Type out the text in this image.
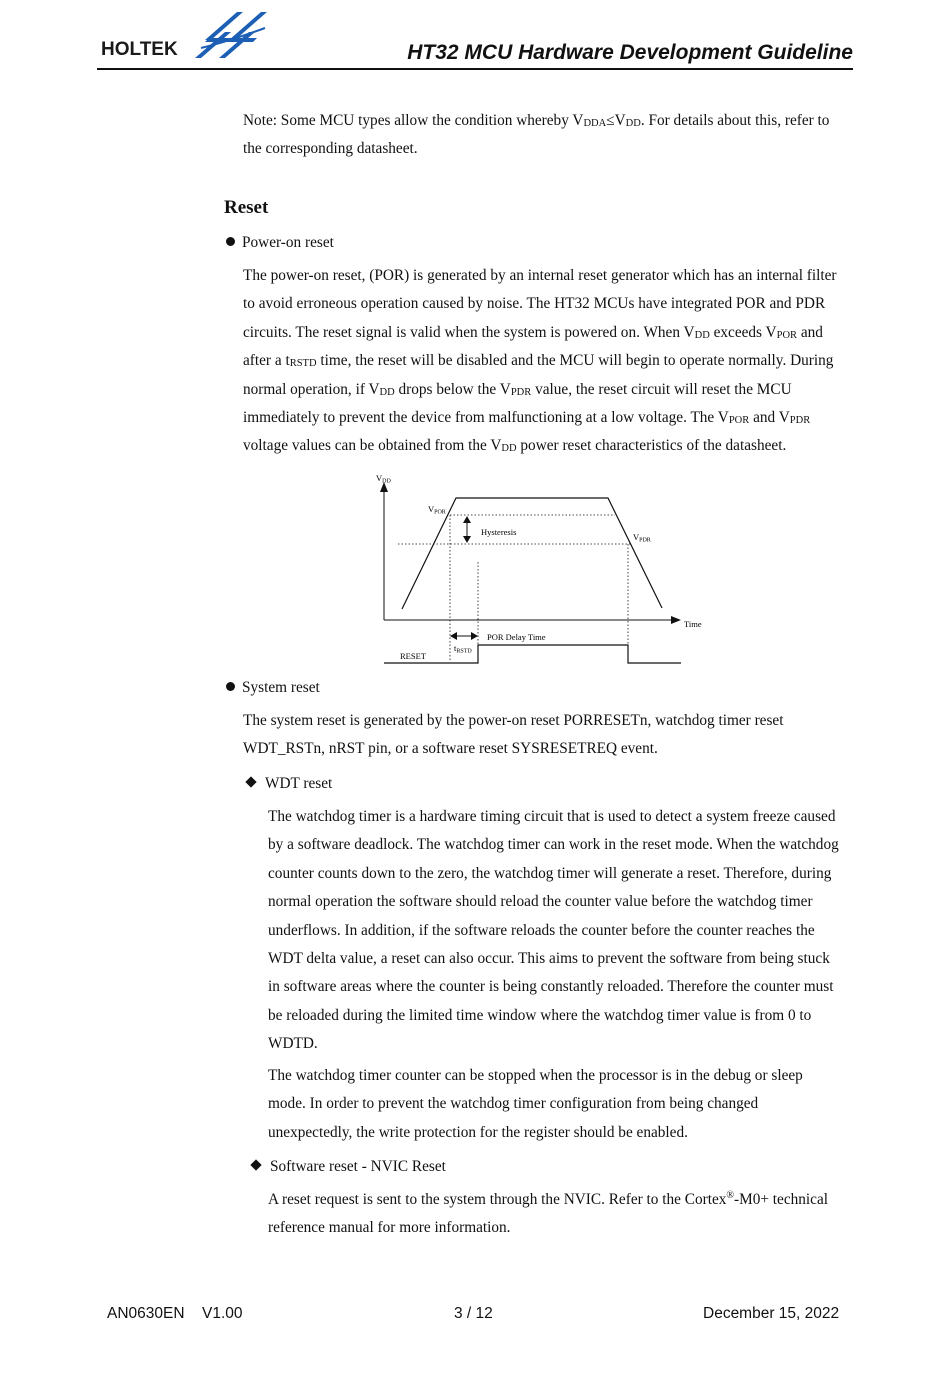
HOLTEK	HT32 MCU Hardware Development Guideline
Note: Some MCU types allow the condition whereby $V_{DDA}\le V_{DD}$. For details about this, refer to
the corresponding datasheet.
Reset
Power-on reset
The power-on reset, (POR) is generated by an internal reset generator which has an internal filter
to avoid erroneous operation caused by noise. The HT32 MCUs have integrated POR and PDR
circuits. The reset signal is valid when the system is powered on. When $V_{DD}$ exceeds $V_{POR}$ and
after a $t_{RSTD}$ time, the reset will be disabled and the MCU will begin to operate normally. During
normal operation, if $V_{DD}$ drops below the $V_{PDR}$ value, the reset circuit will reset the MCU
immediately to prevent the device from malfunctioning at a low voltage. The $V_{POR}$ and $V_{PDR}$
voltage values can be obtained from the $V_{DD}$ power reset characteristics of the datasheet.
VDD
Time
VPOR
VPDR
Hysteresis
tRSTD
POR Delay Time
RESET
System reset
The system reset is generated by the power-on reset PORRESETn, watchdog timer reset
WDT_RSTn, nRST pin, or a software reset SYSRESETREQ event.
WDT reset
The watchdog timer is a hardware timing circuit that is used to detect a system freeze caused
by a software deadlock. The watchdog timer can work in the reset mode. When the watchdog
counter counts down to the zero, the watchdog timer will generate a reset. Therefore, during
normal operation the software should reload the counter value before the watchdog timer
underflows. In addition, if the software reloads the counter before the counter reaches the
WDT delta value, a reset can also occur. This aims to prevent the software from being stuck
in software areas where the counter is being constantly reloaded. Therefore the counter must
be reloaded during the limited time window where the watchdog timer value is from 0 to
WDTD.
The watchdog timer counter can be stopped when the processor is in the debug or sleep
mode. In order to prevent the watchdog timer configuration from being changed
unexpectedly, the write protection for the register should be enabled.
Software reset - NVIC Reset
A reset request is sent to the system through the NVIC. Refer to the Cortex®-M0+ technical
reference manual for more information.
AN0630EN V1.00	3 / 12	December 15, 2022
